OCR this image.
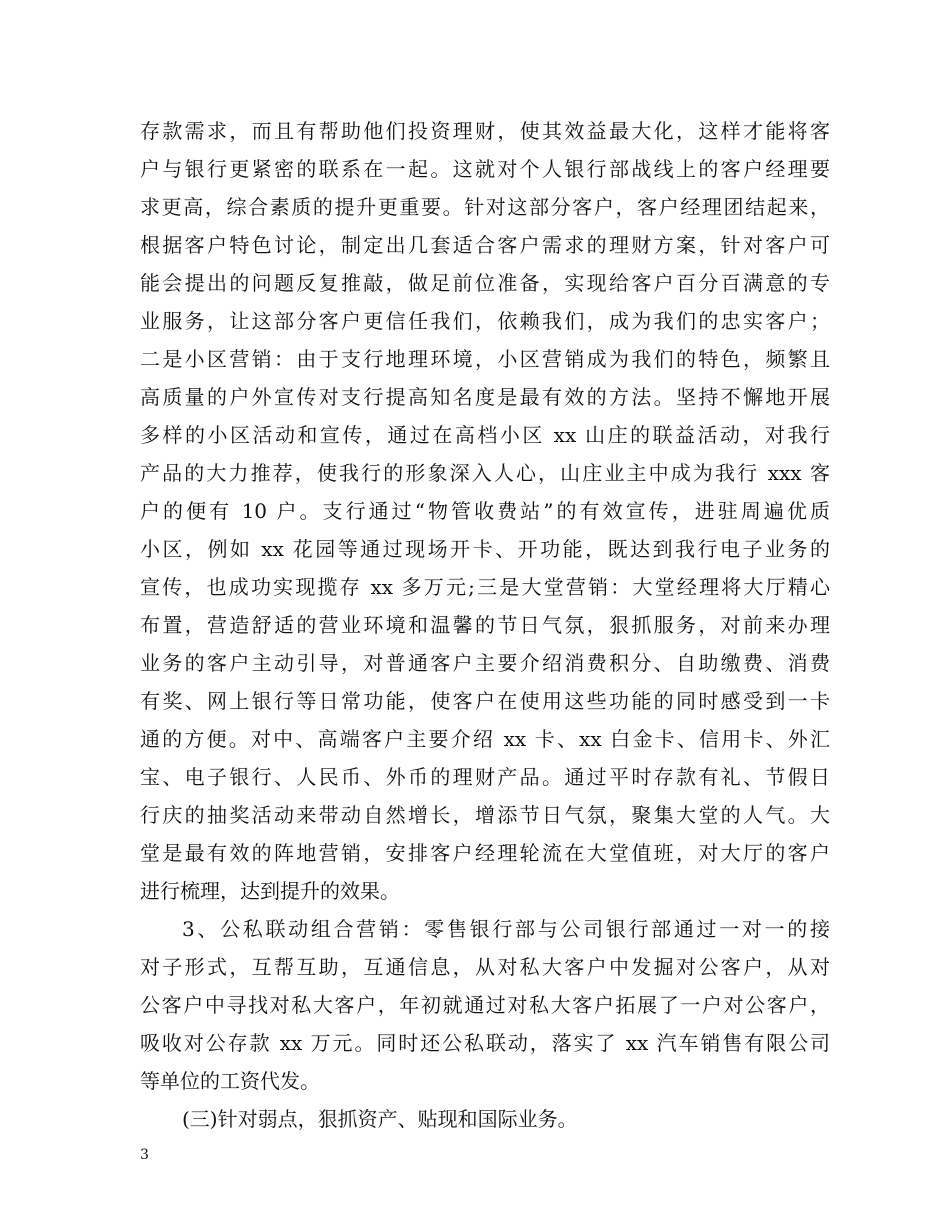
存款需求，而且有帮助他们投资理财，使其效益最大化，这样才能将客
户与银行更紧密的联系在一起。这就对个人银行部战线上的客户经理要
求更高，综合素质的提升更重要。针对这部分客户，客户经理团结起来，
根据客户特色讨论，制定出几套适合客户需求的理财方案，针对客户可
能会提出的问题反复推敲，做足前位准备，实现给客户百分百满意的专
业服务，让这部分客户更信任我们，依赖我们，成为我们的忠实客户；
二是小区营销：由于支行地理环境，小区营销成为我们的特色，频繁且
高质量的户外宣传对支行提高知名度是最有效的方法。坚持不懈地开展
多样的小区活动和宣传，通过在高档小区 xx 山庄的联益活动，对我行
产品的大力推荐，使我行的形象深入人心，山庄业主中成为我行 xxx 客
户的便有 10 户。支行通过“物管收费站”的有效宣传，进驻周遍优质
小区，例如 xx 花园等通过现场开卡、开功能，既达到我行电子业务的
宣传，也成功实现揽存 xx 多万元;三是大堂营销：大堂经理将大厅精心
布置，营造舒适的营业环境和温馨的节日气氛，狠抓服务，对前来办理
业务的客户主动引导，对普通客户主要介绍消费积分、自助缴费、消费
有奖、网上银行等日常功能，使客户在使用这些功能的同时感受到一卡
通的方便。对中、高端客户主要介绍 xx 卡、xx 白金卡、信用卡、外汇
宝、电子银行、人民币、外币的理财产品。通过平时存款有礼、节假日
行庆的抽奖活动来带动自然增长，增添节日气氛，聚集大堂的人气。大
堂是最有效的阵地营销，安排客户经理轮流在大堂值班，对大厅的客户
进行梳理，达到提升的效果。
3、公私联动组合营销：零售银行部与公司银行部通过一对一的接
对子形式，互帮互助，互通信息，从对私大客户中发掘对公客户，从对
公客户中寻找对私大客户，年初就通过对私大客户拓展了一户对公客户，
吸收对公存款 xx 万元。同时还公私联动，落实了 xx 汽车销售有限公司
等单位的工资代发。
(三)针对弱点，狠抓资产、贴现和国际业务。
3
